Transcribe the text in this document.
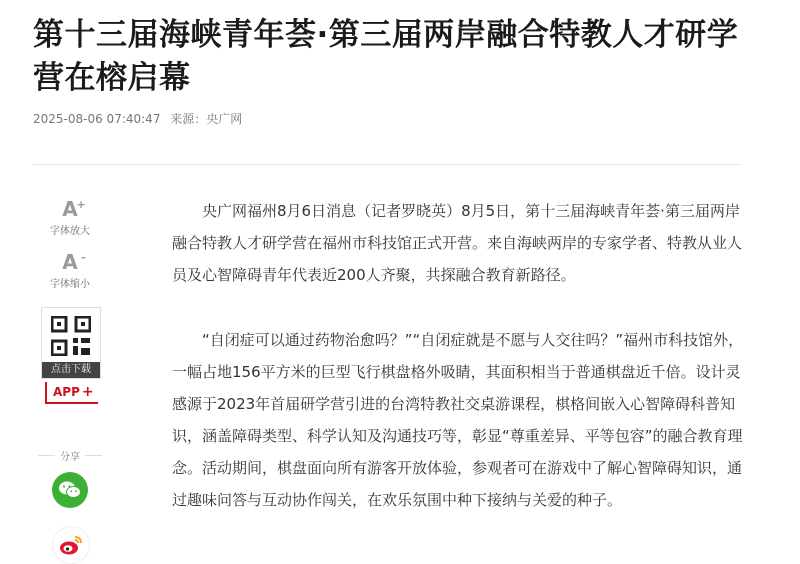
第十三届海峡青年荟·第三届两岸融合特教人才研学营在榕启幕
2025-08-06 07:40:47 来源：央广网
A
+
字体放大
A -
字体缩小
点击下载
APP +
分享

央广网福州8月6日消息（记者罗晓英）8月5日，第十三届海峡青年荟·第三届两岸融合特教人才研学营在福州市科技馆正式开营。来自海峡两岸的专家学者、特教从业人员及心智障碍青年代表近200人齐聚，共探融合教育新路径。

“自闭症可以通过药物治愈吗？”“自闭症就是不愿与人交往吗？”福州市科技馆外，一幅占地156平方米的巨型飞行棋盘格外吸睛，其面积相当于普通棋盘近千倍。设计灵感源于2023年首届研学营引进的台湾特教社交桌游课程，棋格间嵌入心智障碍科普知识，涵盖障碍类型、科学认知及沟通技巧等，彰显“尊重差异、平等包容”的融合教育理念。活动期间，棋盘面向所有游客开放体验，参观者可在游戏中了解心智障碍知识，通过趣味问答与互动协作闯关，在欢乐氛围中种下接纳与关爱的种子。
